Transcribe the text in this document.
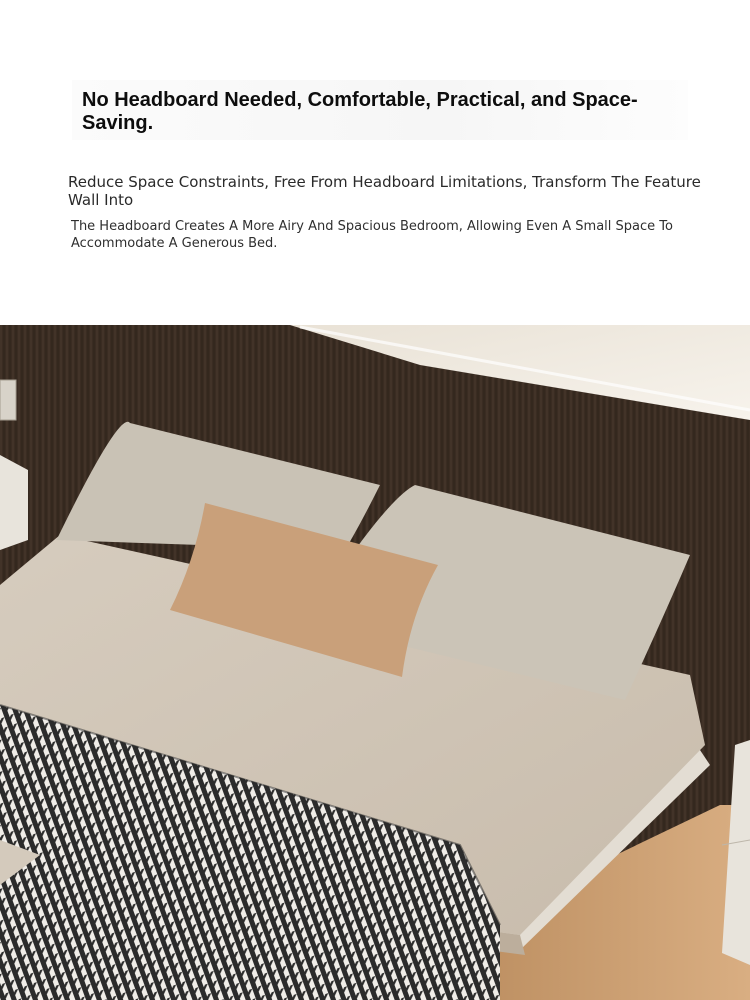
No Headboard Needed, Comfortable, Practical, and Space-Saving.

Reduce Space Constraints, Free From Headboard Limitations, Transform The Feature Wall Into

The Headboard Creates A More Airy And Spacious Bedroom, Allowing Even A Small Space To Accommodate A Generous Bed.
